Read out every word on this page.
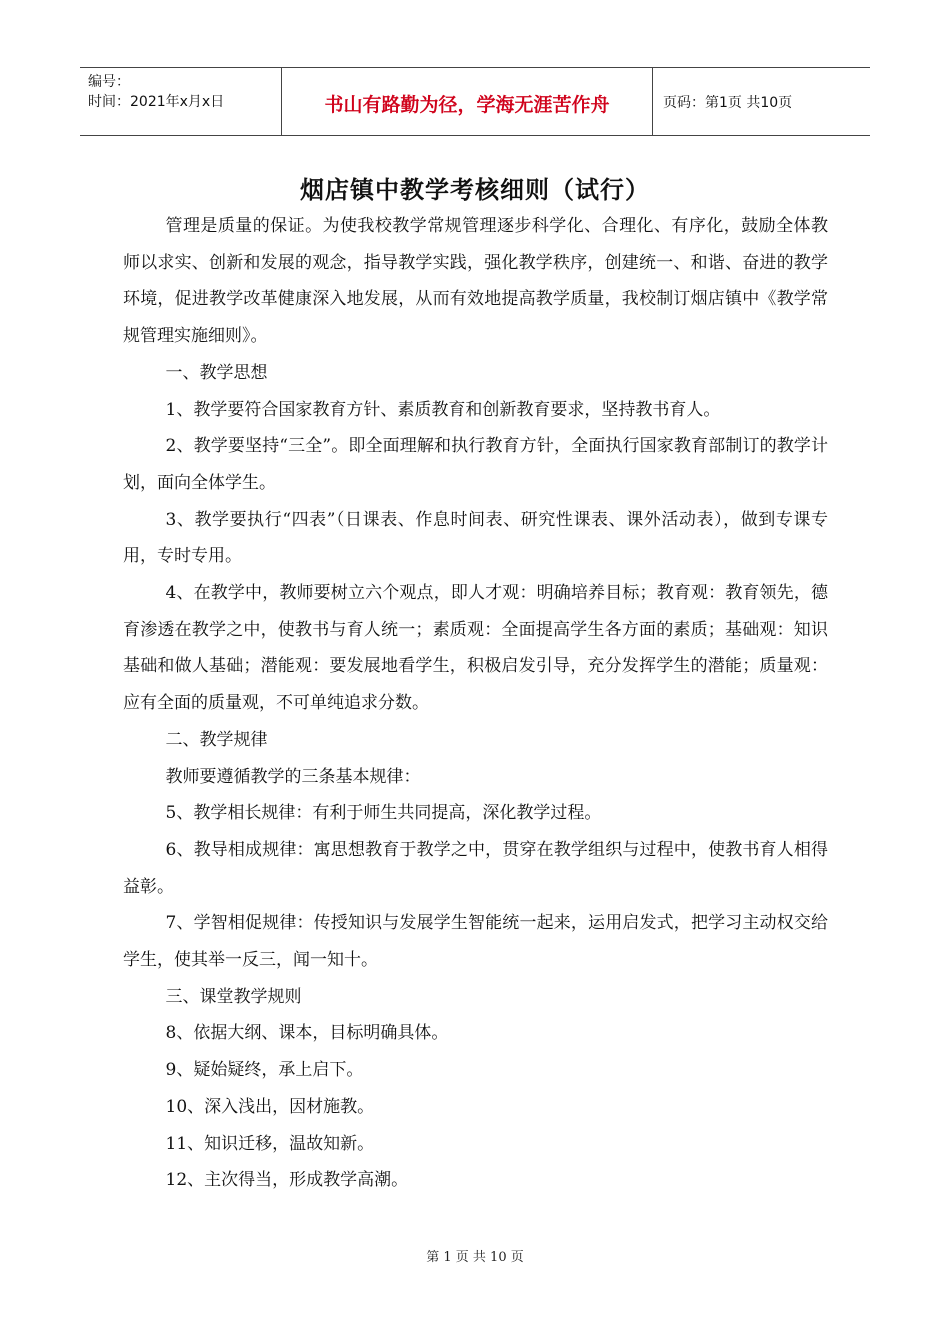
编号：
时间：2021年x月x日	书山有路勤为径，学海无涯苦作舟	页码：第1页 共10页
烟店镇中教学考核细则（试行）

管理是质量的保证。为使我校教学常规管理逐步科学化、合理化、有序化，鼓励全体教师以求实、创新和发展的观念，指导教学实践，强化教学秩序，创建统一、和谐、奋进的教学环境，促进教学改革健康深入地发展，从而有效地提高教学质量，我校制订烟店镇中《教学常规管理实施细则》。

一、教学思想

1、教学要符合国家教育方针、素质教育和创新教育要求，坚持教书育人。

2、教学要坚持“三全”。即全面理解和执行教育方针，全面执行国家教育部制订的教学计划，面向全体学生。

3、教学要执行“四表”（日课表、作息时间表、研究性课表、课外活动表），做到专课专用，专时专用。

4、在教学中，教师要树立六个观点，即人才观：明确培养目标；教育观：教育领先，德育渗透在教学之中，使教书与育人统一；素质观：全面提高学生各方面的素质；基础观：知识基础和做人基础；潜能观：要发展地看学生，积极启发引导，充分发挥学生的潜能；质量观：应有全面的质量观，不可单纯追求分数。

二、教学规律

教师要遵循教学的三条基本规律：

5、教学相长规律：有利于师生共同提高，深化教学过程。

6、教导相成规律：寓思想教育于教学之中，贯穿在教学组织与过程中，使教书育人相得益彰。

7、学智相促规律：传授知识与发展学生智能统一起来，运用启发式，把学习主动权交给学生，使其举一反三，闻一知十。

三、课堂教学规则

8、依据大纲、课本，目标明确具体。

9、疑始疑终，承上启下。

10、深入浅出，因材施教。

11、知识迁移，温故知新。

12、主次得当，形成教学高潮。

第 1 页 共 10 页
